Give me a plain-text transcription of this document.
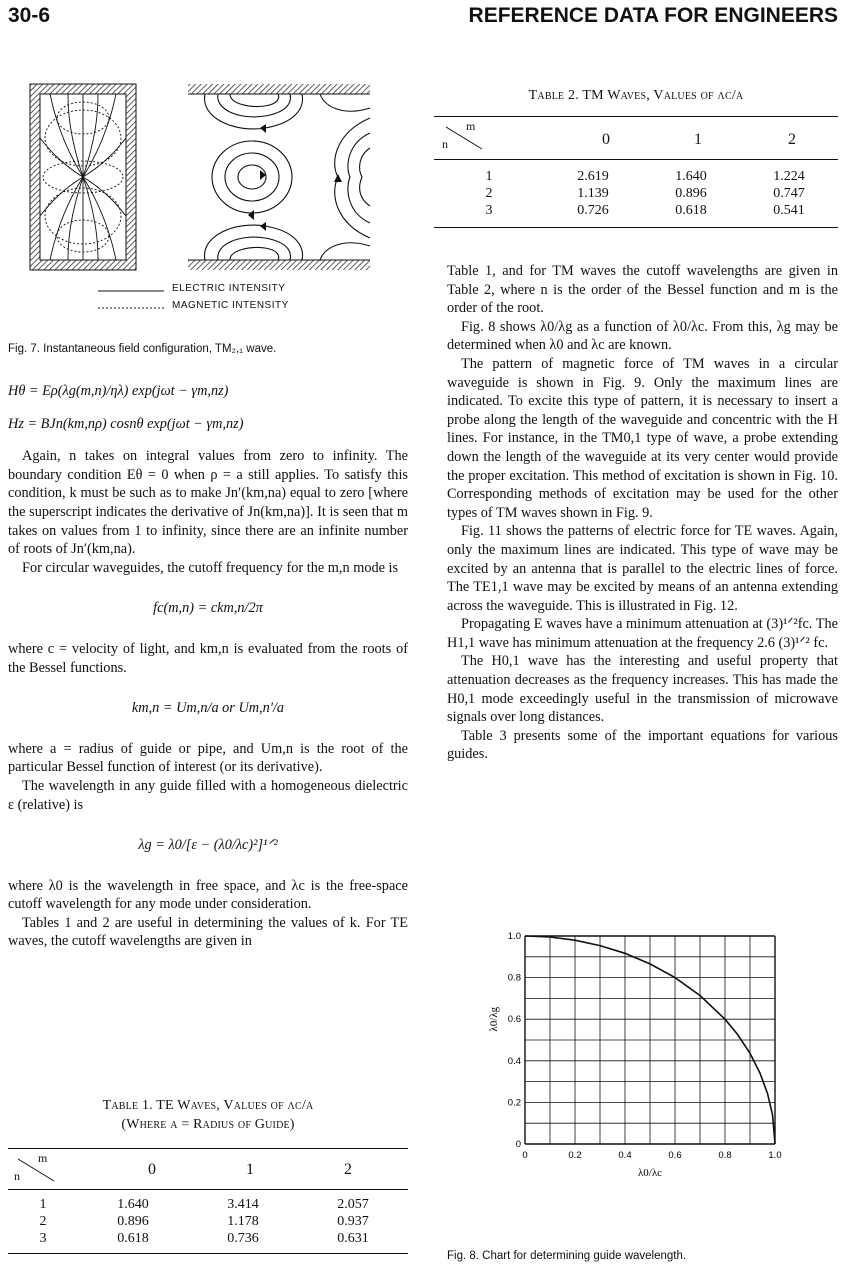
30-6	REFERENCE DATA FOR ENGINEERS
ELECTRIC INTENSITY
MAGNETIC INTENSITY
Fig. 7. Instantaneous field configuration, TM₂,₁ wave.
Hθ = Eρ(λg(m,n)/ηλ) exp(jωt − γm,nz)
Hz = BJn(km,nρ) cosnθ exp(jωt − γm,nz)

Again, n takes on integral values from zero to infinity. The boundary condition Eθ = 0 when ρ = a still applies. To satisfy this condition, k must be such as to make Jn′(km,na) equal to zero [where the superscript indicates the derivative of Jn(km,na)]. It is seen that m takes on values from 1 to infinity, since there are an infinite number of roots of Jn′(km,na).

For circular waveguides, the cutoff frequency for the m,n mode is

fc(m,n) = ckm,n/2π

where c = velocity of light, and km,n is evaluated from the roots of the Bessel functions.

km,n = Um,n/a or Um,n′/a

where a = radius of guide or pipe, and Um,n is the root of the particular Bessel function of interest (or its derivative).

The wavelength in any guide filled with a homogeneous dielectric ε (relative) is

λg = λ0/[ε − (λ0/λc)²]¹ᐟ²

where λ0 is the wavelength in free space, and λc is the free-space cutoff wavelength for any mode under consideration.

Tables 1 and 2 are useful in determining the values of k. For TE waves, the cutoff wavelengths are given in

Table 1. TE Waves, Values of λc/a
(Where a = Radius of Guide)
m
n	0	1	2
1	1.640	3.414	2.057
2	0.896	1.178	0.937
3	0.618	0.736	0.631
Table 2. TM Waves, Values of λc/a
m
n	0	1	2
1	2.619	1.640	1.224
2	1.139	0.896	0.747
3	0.726	0.618	0.541

Table 1, and for TM waves the cutoff wavelengths are given in Table 2, where n is the order of the Bessel function and m is the order of the root.

Fig. 8 shows λ0/λg as a function of λ0/λc. From this, λg may be determined when λ0 and λc are known.

The pattern of magnetic force of TM waves in a circular waveguide is shown in Fig. 9. Only the maximum lines are indicated. To excite this type of pattern, it is necessary to insert a probe along the length of the waveguide and concentric with the H lines. For instance, in the TM0,1 type of wave, a probe extending down the length of the waveguide at its very center would provide the proper excitation. This method of excitation is shown in Fig. 10. Corresponding methods of excitation may be used for the other types of TM waves shown in Fig. 9.

Fig. 11 shows the patterns of electric force for TE waves. Again, only the maximum lines are indicated. This type of wave may be excited by an antenna that is parallel to the electric lines of force. The TE1,1 wave may be excited by means of an antenna extending across the waveguide. This is illustrated in Fig. 12.

Propagating E waves have a minimum attenuation at (3)¹ᐟ²fc. The H1,1 wave has minimum attenuation at the frequency 2.6 (3)¹ᐟ² fc.

The H0,1 wave has the interesting and useful property that attenuation decreases as the frequency increases. This has made the H0,1 mode exceedingly useful in the transmission of microwave signals over long distances.

Table 3 presents some of the important equations for various guides.

0	0.2	0.4	0.6	0.8	1.0
0
0.2
0.4
0.6
0.8
1.0
λ0/λc
λ0/λg
Fig. 8. Chart for determining guide wavelength.
